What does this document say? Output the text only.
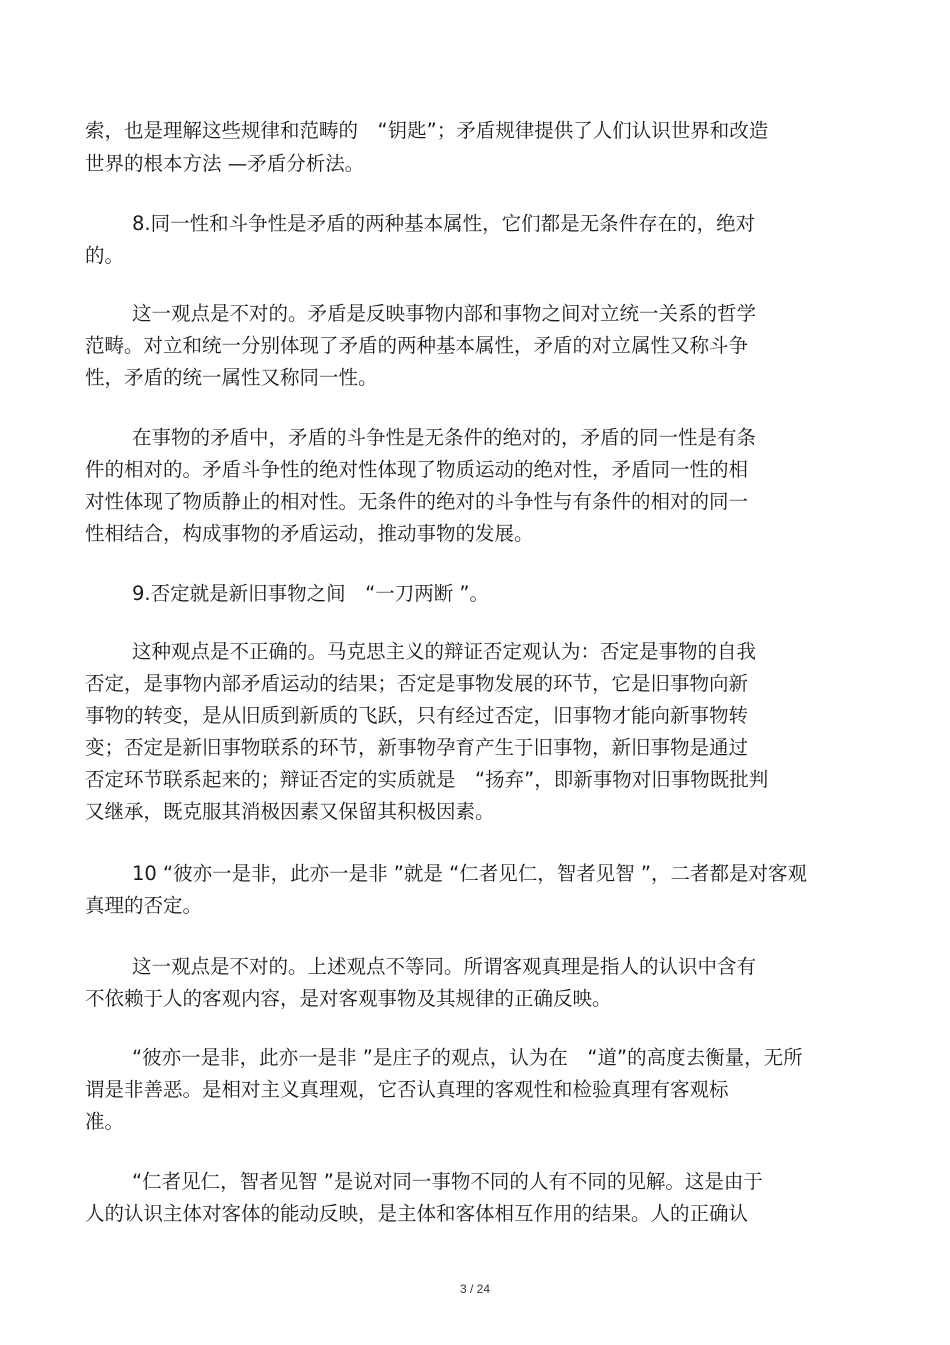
索，也是理解这些规律和范畴的　“钥匙”；矛盾规律提供了人们认识世界和改造
世界的根本方法 —矛盾分析法。
8.同一性和斗争性是矛盾的两种基本属性，它们都是无条件存在的，绝对
的。
这一观点是不对的。矛盾是反映事物内部和事物之间对立统一关系的哲学
范畴。对立和统一分别体现了矛盾的两种基本属性，矛盾的对立属性又称斗争
性，矛盾的统一属性又称同一性。
在事物的矛盾中，矛盾的斗争性是无条件的绝对的，矛盾的同一性是有条
件的相对的。矛盾斗争性的绝对性体现了物质运动的绝对性，矛盾同一性的相
对性体现了物质静止的相对性。无条件的绝对的斗争性与有条件的相对的同一
性相结合，构成事物的矛盾运动，推动事物的发展。
9.否定就是新旧事物之间　“一刀两断 ”。
这种观点是不正确的。马克思主义的辩证否定观认为：否定是事物的自我
否定，是事物内部矛盾运动的结果；否定是事物发展的环节，它是旧事物向新
事物的转变，是从旧质到新质的飞跃，只有经过否定，旧事物才能向新事物转
变；否定是新旧事物联系的环节，新事物孕育产生于旧事物，新旧事物是通过
否定环节联系起来的；辩证否定的实质就是　“扬弃”，即新事物对旧事物既批判
又继承，既克服其消极因素又保留其积极因素。
10 “彼亦一是非，此亦一是非 ”就是 “仁者见仁，智者见智 ”，二者都是对客观
真理的否定。
这一观点是不对的。上述观点不等同。所谓客观真理是指人的认识中含有
不依赖于人的客观内容，是对客观事物及其规律的正确反映。
“彼亦一是非，此亦一是非 ”是庄子的观点，认为在　“道”的高度去衡量，无所
谓是非善恶。是相对主义真理观，它否认真理的客观性和检验真理有客观标
准。
“仁者见仁，智者见智 ”是说对同一事物不同的人有不同的见解。这是由于
人的认识主体对客体的能动反映，是主体和客体相互作用的结果。人的正确认
3 / 24
